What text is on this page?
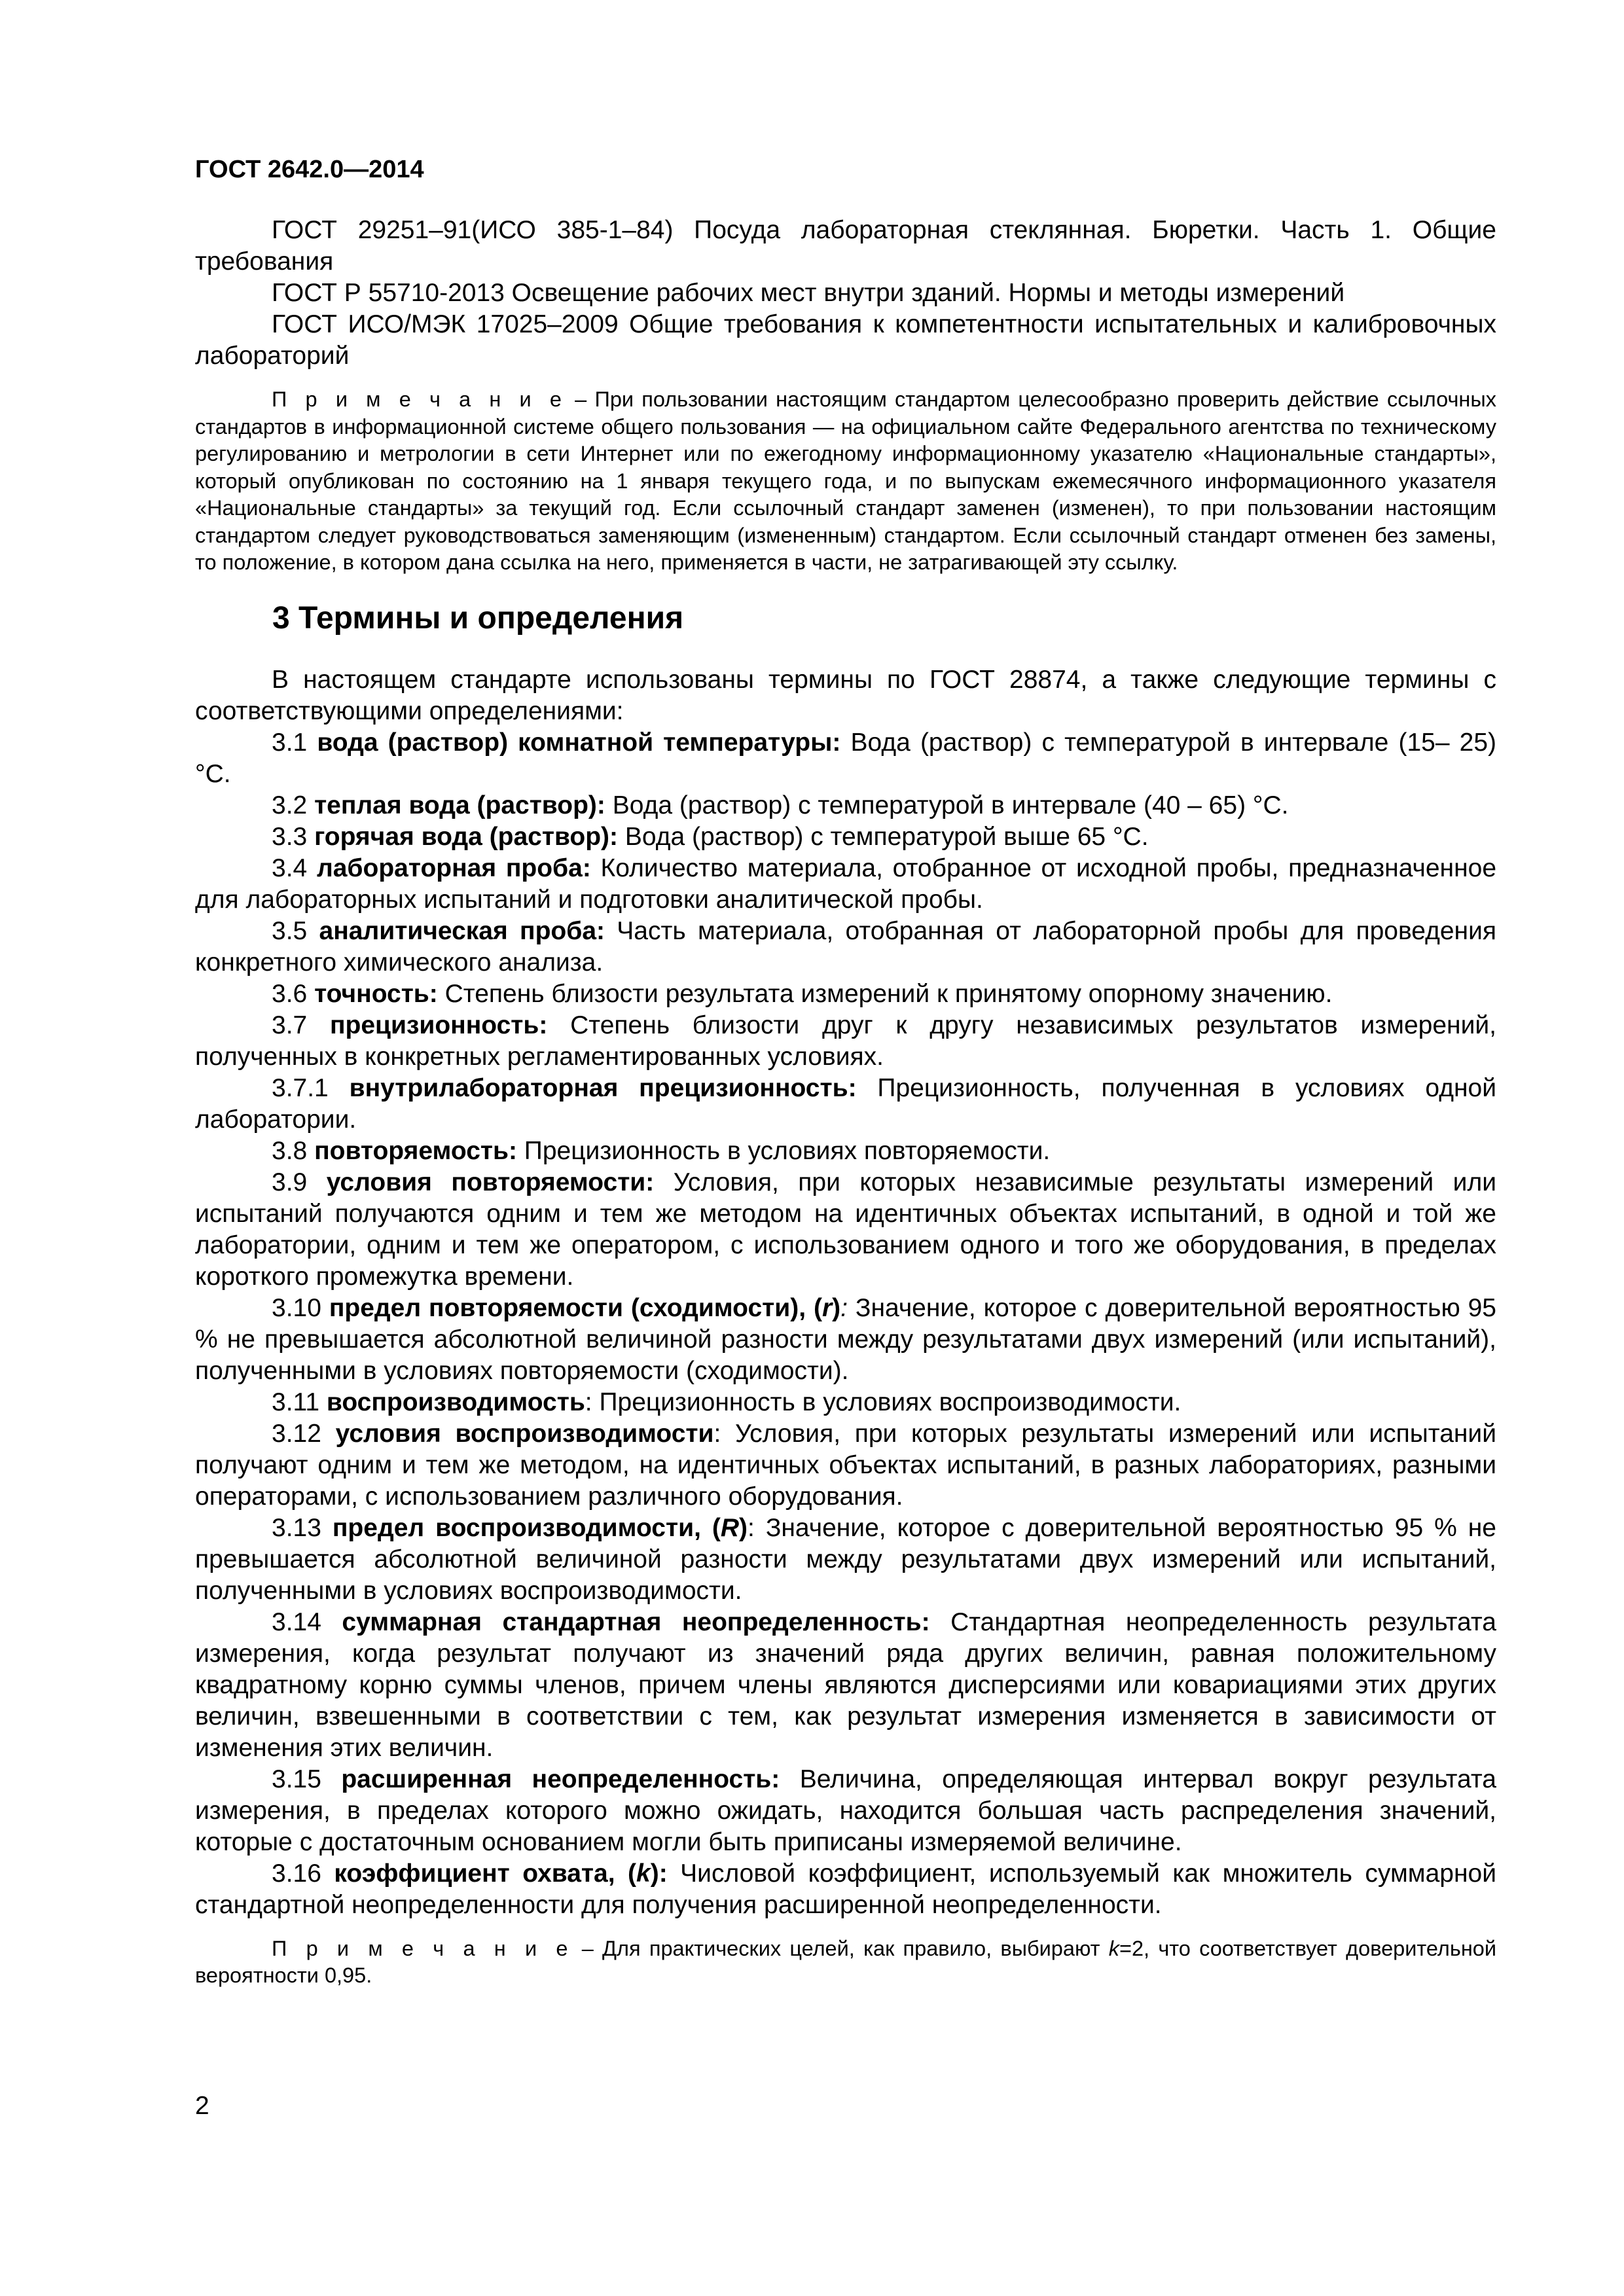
ГОСТ 2642.0—2014

ГОСТ 29251–91(ИСО 385-1–84) Посуда лабораторная стеклянная. Бюретки. Часть 1. Общие требования

ГОСТ Р 55710-2013 Освещение рабочих мест внутри зданий. Нормы и методы измерений

ГОСТ ИСО/МЭК 17025–2009 Общие требования к компетентности испытательных и калибровочных лабораторий

П р и м е ч а н и е – При пользовании настоящим стандартом целесообразно проверить действие ссылочных стандартов в информационной системе общего пользования — на официальном сайте Федерального агентства по техническому регулированию и метрологии в сети Интернет или по ежегодному информационному указателю «Национальные стандарты», который опубликован по состоянию на 1 января текущего года, и по выпускам ежемесячного информационного указателя «Национальные стандарты» за текущий год. Если ссылочный стандарт заменен (изменен), то при пользовании настоящим стандартом следует руководствоваться заменяющим (измененным) стандартом. Если ссылочный стандарт отменен без замены, то положение, в котором дана ссылка на него, применяется в части, не затрагивающей эту ссылку.

3 Термины и определения

В настоящем стандарте использованы термины по ГОСТ 28874, а также следующие термины с соответствующими определениями:

3.1 вода (раствор) комнатной температуры: Вода (раствор) с температурой в интервале (15– 25) °С.

3.2 теплая вода (раствор): Вода (раствор) с температурой в интервале (40 – 65) °С.

3.3 горячая вода (раствор): Вода (раствор) с температурой выше 65 °С.

3.4 лабораторная проба: Количество материала, отобранное от исходной пробы, предназначенное для лабораторных испытаний и подготовки аналитической пробы.

3.5 аналитическая проба: Часть материала, отобранная от лабораторной пробы для проведения конкретного химического анализа.

3.6 точность: Степень близости результата измерений к принятому опорному значению.

3.7 прецизионность: Степень близости друг к другу независимых результатов измерений, полученных в конкретных регламентированных условиях.

3.7.1 внутрилабораторная прецизионность: Прецизионность, полученная в условиях одной лаборатории.

3.8 повторяемость: Прецизионность в условиях повторяемости.

3.9 условия повторяемости: Условия, при которых независимые результаты измерений или испытаний получаются одним и тем же методом на идентичных объектах испытаний, в одной и той же лаборатории, одним и тем же оператором, с использованием одного и того же оборудования, в пределах короткого промежутка времени.

3.10 предел повторяемости (сходимости), (r): Значение, которое с доверительной вероятностью 95 % не превышается абсолютной величиной разности между результатами двух измерений (или испытаний), полученными в условиях повторяемости (сходимости).

3.11 воспроизводимость: Прецизионность в условиях воспроизводимости.

3.12 условия воспроизводимости: Условия, при которых результаты измерений или испытаний получают одним и тем же методом, на идентичных объектах испытаний, в разных лабораториях, разными операторами, с использованием различного оборудования.

3.13 предел воспроизводимости, (R): Значение, которое с доверительной вероятностью 95 % не превышается абсолютной величиной разности между результатами двух измерений или испытаний, полученными в условиях воспроизводимости.

3.14 суммарная стандартная неопределенность: Стандартная неопределенность результата измерения, когда результат получают из значений ряда других величин, равная положительному квадратному корню суммы членов, причем члены являются дисперсиями или ковариациями этих других величин, взвешенными в соответствии с тем, как результат измерения изменяется в зависимости от изменения этих величин.

3.15 расширенная неопределенность: Величина, определяющая интервал вокруг результата измерения, в пределах которого можно ожидать, находится большая часть распределения значений, которые с достаточным основанием могли быть приписаны измеряемой величине.

3.16 коэффициент охвата, (k): Числовой коэффициент, используемый как множитель суммарной стандартной неопределенности для получения расширенной неопределенности.

П р и м е ч а н и е – Для практических целей, как правило, выбирают k=2, что соответствует доверительной вероятности 0,95.

2
